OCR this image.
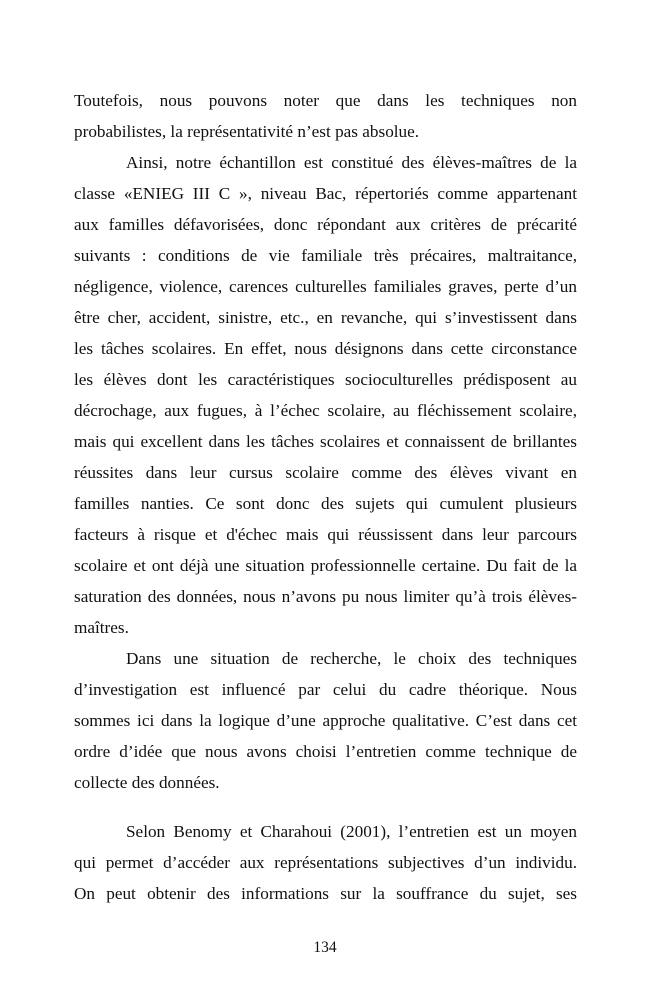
Toutefois, nous pouvons noter que dans les techniques non
probabilistes, la représentativité n’est pas absolue.
Ainsi, notre échantillon est constitué des élèves-maîtres de la
classe «ENIEG III C », niveau Bac, répertoriés comme appartenant
aux familles défavorisées, donc répondant aux critères de précarité
suivants : conditions de vie familiale très précaires, maltraitance,
négligence, violence, carences culturelles familiales graves, perte d’un
être cher, accident, sinistre, etc., en revanche, qui s’investissent dans
les tâches scolaires. En effet, nous désignons dans cette circonstance
les élèves dont les caractéristiques socioculturelles prédisposent au
décrochage, aux fugues, à l’échec scolaire, au fléchissement scolaire,
mais qui excellent dans les tâches scolaires et connaissent de brillantes
réussites dans leur cursus scolaire comme des élèves vivant en
familles nanties. Ce sont donc des sujets qui cumulent plusieurs
facteurs à risque et d'échec mais qui réussissent dans leur parcours
scolaire et ont déjà une situation professionnelle certaine. Du fait de la
saturation des données, nous n’avons pu nous limiter qu’à trois élèves-
maîtres.
Dans une situation de recherche, le choix des techniques
d’investigation est influencé par celui du cadre théorique. Nous
sommes ici dans la logique d’une approche qualitative. C’est dans cet
ordre d’idée que nous avons choisi l’entretien comme technique de
collecte des données.
Selon Benomy et Charahoui (2001), l’entretien est un moyen
qui permet d’accéder aux représentations subjectives d’un individu.
On peut obtenir des informations sur la souffrance du sujet, ses
134
